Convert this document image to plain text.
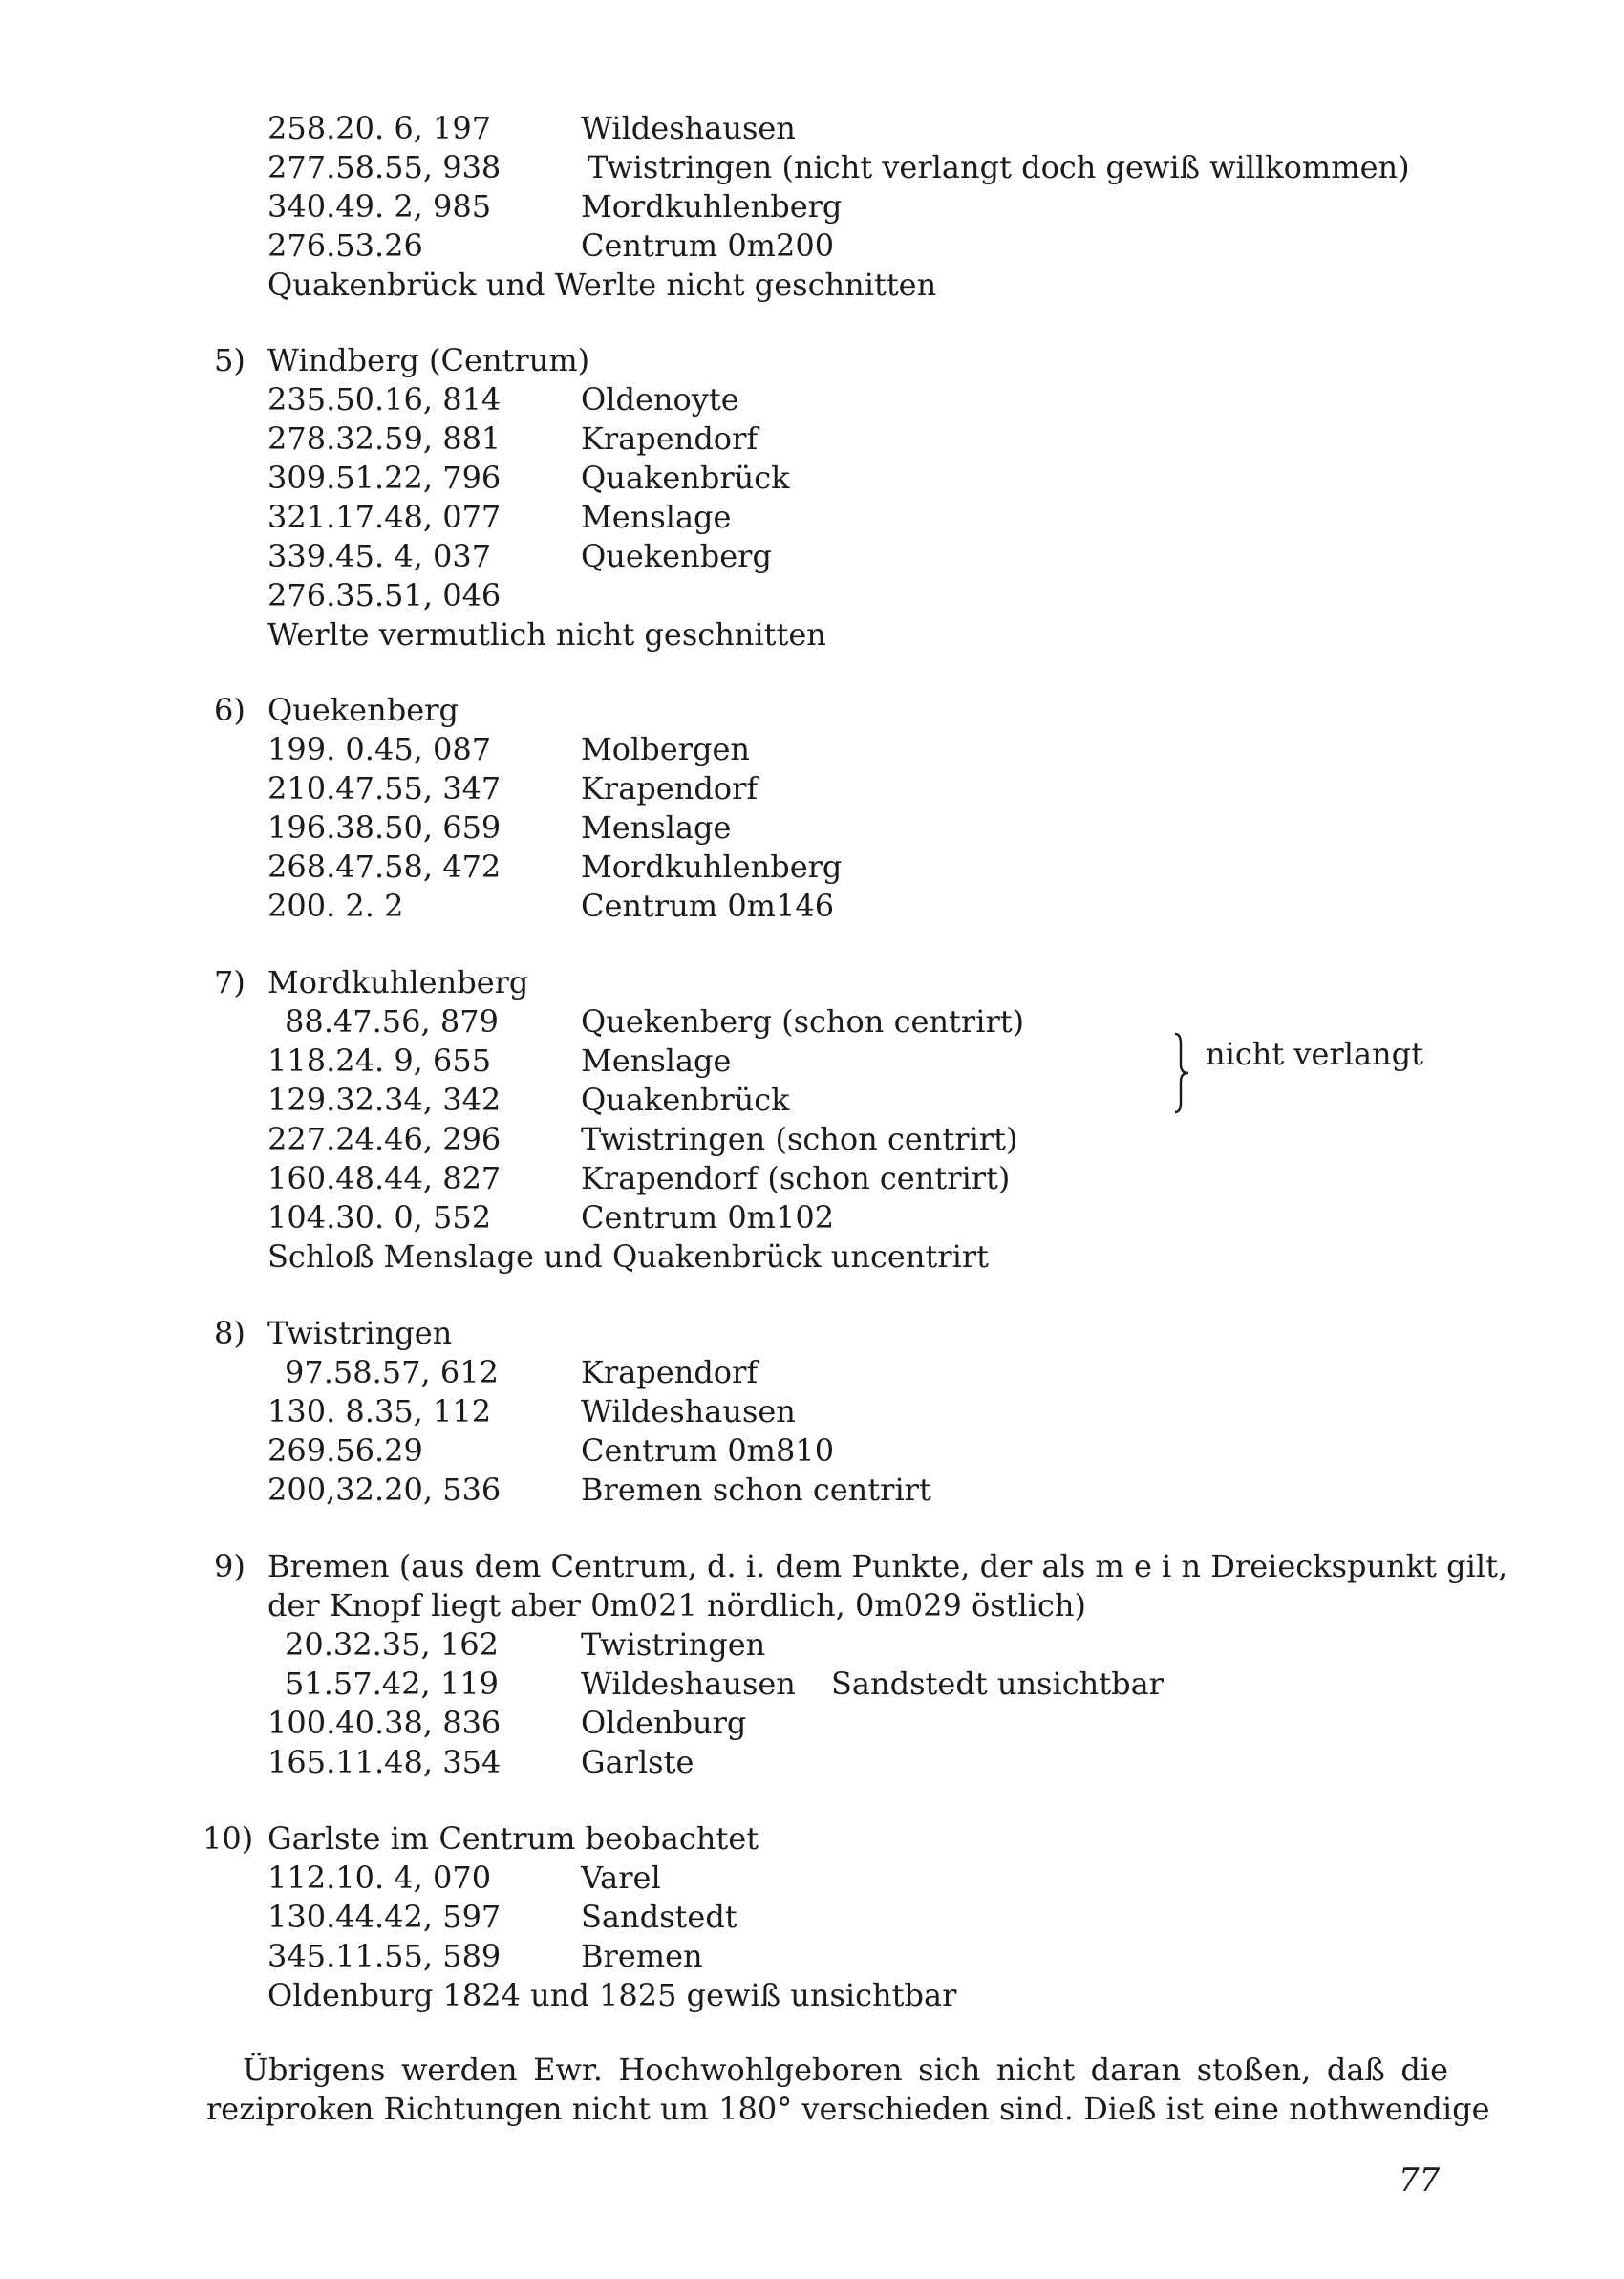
258.20. 6, 197	Wildeshausen
277.58.55, 938	Twistringen (nicht verlangt doch gewiß willkommen)
340.49. 2, 985	Mordkuhlenberg
276.53.26	Centrum 0m200
Quakenbrück und Werlte nicht geschnitten
5) Windberg (Centrum)
235.50.16, 814	Oldenoyte
278.32.59, 881	Krapendorf
309.51.22, 796	Quakenbrück
321.17.48, 077	Menslage
339.45. 4, 037	Quekenberg
276.35.51, 046
Werlte vermutlich nicht geschnitten
6) Quekenberg
199. 0.45, 087	Molbergen
210.47.55, 347	Krapendorf
196.38.50, 659	Menslage
268.47.58, 472	Mordkuhlenberg
200. 2. 2	Centrum 0m146
7) Mordkuhlenberg
88.47.56, 879	Quekenberg (schon centrirt)
118.24. 9, 655	Menslage
129.32.34, 342	Quakenbrück
227.24.46, 296	Twistringen (schon centrirt)
160.48.44, 827	Krapendorf (schon centrirt)
104.30. 0, 552	Centrum 0m102
Schloß Menslage und Quakenbrück uncentrirt
nicht verlangt
8) Twistringen
97.58.57, 612	Krapendorf
130. 8.35, 112	Wildeshausen
269.56.29	Centrum 0m810
200,32.20, 536	Bremen schon centrirt
9) Bremen (aus dem Centrum, d. i. dem Punkte, der als m e i n Dreieckspunkt gilt,
der Knopf liegt aber 0m021 nördlich, 0m029 östlich)
20.32.35, 162	Twistringen
51.57.42, 119	Wildeshausen Sandstedt unsichtbar
100.40.38, 836	Oldenburg
165.11.48, 354	Garlste
10) Garlste im Centrum beobachtet
112.10. 4, 070	Varel
130.44.42, 597	Sandstedt
345.11.55, 589	Bremen
Oldenburg 1824 und 1825 gewiß unsichtbar
Übrigens werden Ewr. Hochwohlgeboren sich nicht daran stoßen, daß die
reziproken Richtungen nicht um 180° verschieden sind. Dieß ist eine nothwendige
77
